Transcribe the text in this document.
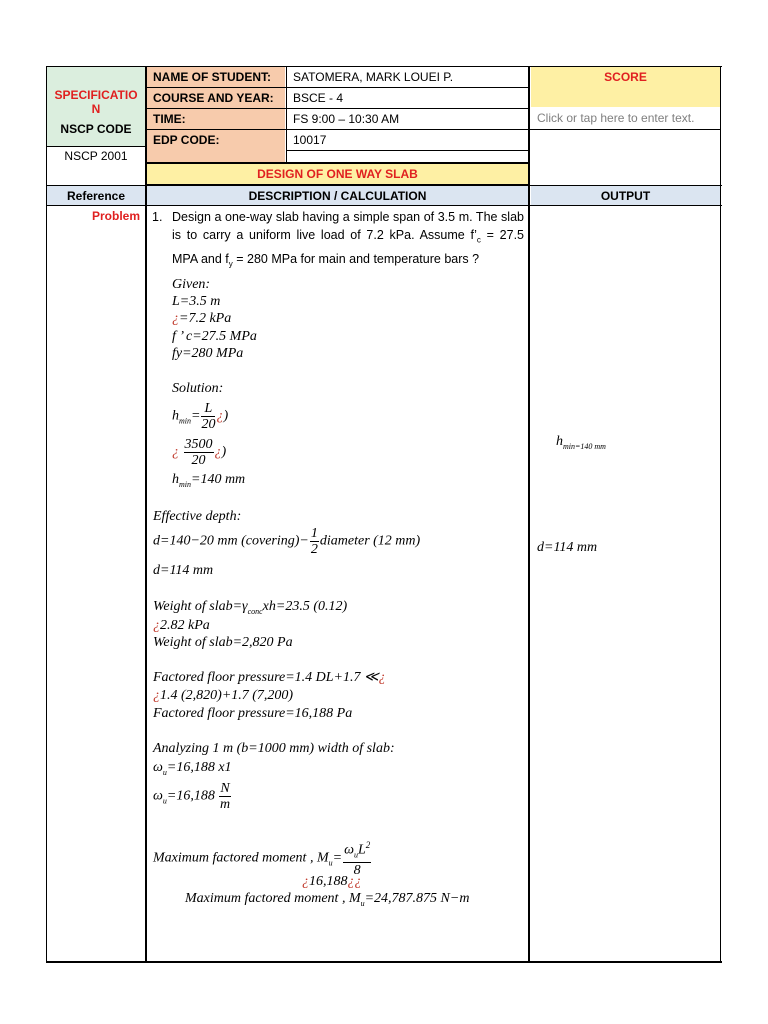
SPECIFICATIO
N
NSCP CODE
NSCP 2001
NAME OF STUDENT:
COURSE AND YEAR:
TIME:
EDP CODE:
SATOMERA, MARK LOUEI P.
BSCE - 4
FS 9:00 – 10:30 AM
10017
SCORE
Click or tap here to enter text.
DESIGN OF ONE WAY SLAB
Reference	DESCRIPTION / CALCULATION	OUTPUT
Problem 1. Design a one-way slab having a simple span of 3.5 m. The slab is to carry a uniform live load of 7.2 kPa. Assume $f’_c = 27.5$ MPA and $f_y = 280$ MPa for main and temperature bars ?
Given:
L=3.5 m
¿=7.2 kPa
f ’ c=27.5 MPa
fy=280 MPa
Solution:
$h_{min}= \frac{L}{20}$ ¿)
¿ $\frac{3500}{20}$ ¿)
$h_{min}=140$ mm
Effective depth:
d=140−20 mm (covering)− $\frac{1}{2}$ diameter (12 mm)
d=114 mm
Weight of $slab=\gamma_{conc}xh=23.5$ (0.12)
¿2.82 kPa
Weight of slab=2,820 Pa
Factored floor pressure=1.4 DL+1.7 ≪¿
¿1.4 (2,820)+1.7 (7,200)
Factored floor pressure=16,188 Pa
Analyzing 1 m (b=1000 mm) width of slab:
$\omega_u=16,188$ x1
$\omega_u=16,188 \frac{N}{m}$
Maximum factored moment , $M_u= \frac{\omega_uL^2}{8}$
¿16,188¿¿
Maximum factored moment , $M_u=24,787.875$ N−m
$h_{min=140 mm}$
d=114 mm
